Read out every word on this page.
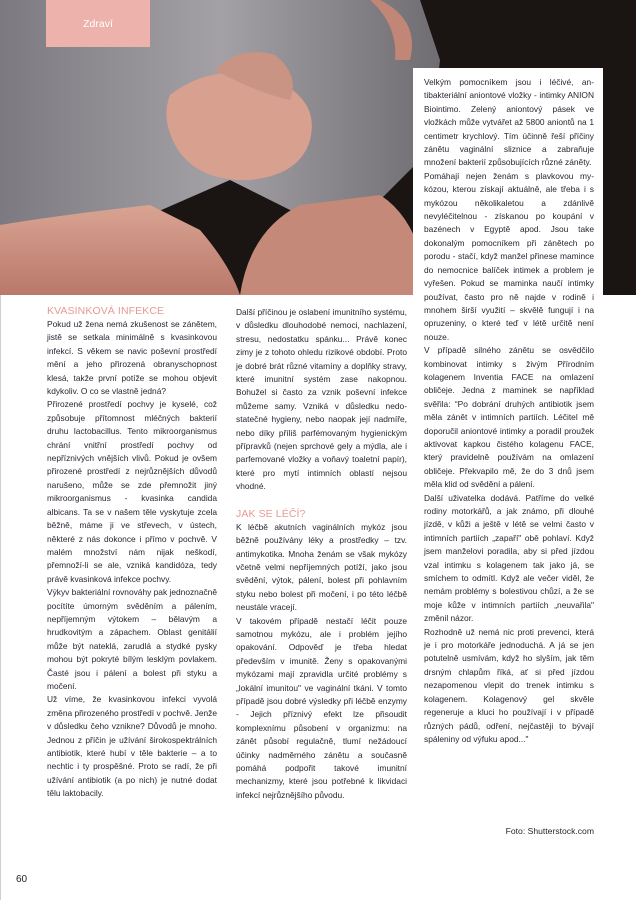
Zdraví
KVASINKOVÁ INFEKCE

Pokud už žena nemá zkušenost se zánětem, jistě se setkala minimálně s kvasinkovou infekcí. S věkem se navic poševní prostředí mění a jeho přirozená obranyschopnost klesá, takže první potíže se mohou objevit kdykoliv. O co se vlastně jedná?

Přirozené prostředí pochvy je kyselé, což způsobuje přítomnost mléčných bakterií druhu lactobacillus. Tento mikroorganismus chrání vnitřní prostředí pochvy od nepříznivých vnějších vlivů. Pokud je ovšem přirozené prostředí z nejrůznějších důvodů narušeno, může se zde přemnožit jiný mikroorganismus - kvasinka candida albicans. Ta se v našem těle vyskytuje zcela běžně, máme ji ve střevech, v ústech, některé z nás dokonce i přímo v pochvě. V malém množství nám nijak neškodí, přemnoží-li se ale, vzniká kandidóza, tedy právě kvasinková infekce pochvy.

Výkyv bakteriální rovnováhy pak jednoznačně pocítíte úmorným svěděním a pálením, nepříjemným výtokem – bělavým a hrudkovitým a zápachem. Oblast genitálií může být nateklá, zarudlá a stydké pysky mohou být pokryté bílým lesklým povlakem. Časté jsou i pálení a bolest při styku a močení.

Už víme, že kvasinkovou infekci vyvolá změna přirozeného prostředí v pochvě. Jenže v důsledku čeho vznikne? Důvodů je mnoho. Jednou z příčin je užívání širokospektrálních antibiotik, které hubí v těle bakterie – a to nechtic i ty prospěšné. Proto se radí, že při užívání antibiotik (a po nich) je nutné dodat tělu laktobacily.

Další příčinou je oslabení imunitního systému, v důsledku dlouhodobé nemoci, nachlazení, stresu, nedostatku spánku... Právě konec zimy je z tohoto ohledu rizikové období. Proto je dobré brát různé vitamíny a doplňky stravy, které imunitní systém zase nakopnou. Bohužel si často za vznik poševní infekce můžeme samy. Vzniká v důsledku nedostatečné hygieny, nebo naopak její nadmíře, nebo díky příliš parfémovaným hygienickým přípravků (nejen sprchové gely a mýdla, ale i parfemované vložky a voňavý toaletní papír), které pro mytí intimních oblastí nejsou vhodné.

JAK SE LÉČÍ?

K léčbě akutních vaginálních mykóz jsou běžně používány léky a prostředky – tzv. antimykotika. Mnoha ženám se však mykózy včetně velmi nepříjemných potíží, jako jsou svědění, výtok, pálení, bolest při pohlavním styku nebo bolest při močení, i po této léčbě neustále vracejí.

V takovém případě nestačí léčit pouze samotnou mykózu, ale i problém jejího opakování. Odpověď je třeba hledat především v imunitě. Ženy s opakovanými mykózami mají zpravidla určité problémy s „lokální imunitou" ve vaginální tkáni. V tomto případě jsou dobré výsledky při léčbě enzymy - Jejich příznivý efekt lze přisoudit komplexnímu působení v organizmu: na zánět působí regulačně, tlumí nežádoucí účinky nadměrného zánětu a současně pomáhá podpořit takové imunitní mechanizmy, které jsou potřebné k likvidaci infekcí nejrůznějšího původu.

Velkým pomocníkem jsou i léčivé, antibakteriální aniontové vložky - intimky ANION Biointimo. Zelený aniontový pásek ve vložkách může vytvářet až 5800 aniontů na 1 centimetr krychlový. Tím účinně řeší příčiny zánětu vaginální sliznice a zabraňuje množení bakterií způsobujících různé záněty.

Pomáhají nejen ženám s plavkovou mykózou, kterou získají aktuálně, ale třeba i s mykózou několikaletou a zdánlivě nevyléčitelnou - získanou po koupání v bazénech v Egyptě apod. Jsou take dokonalým pomocníkem při zánětech po porodu - stačí, když manžel přinese mamince do nemocnice balíček intimek a problem je vyřešen. Pokud se maminka naučí intimky používat, často pro ně najde v rodině i mnohem širší využití – skvělě fungují i na opruzeniny, o které teď v létě určitě není nouze.

V případě silného zánětu se osvědčilo kombinovat intimky s živým Přírodním kolagenem Inventia FACE na omlazení obličeje. Jedna z maminek se například svěřila: “Po dobrání druhých antibiotik jsem měla zánět v intimních partiích. Léčitel mě doporučil aniontové intimky a poradil proužek aktivovat kapkou čistého kolagenu FACE, který pravidelně používám na omlazení obličeje. Překvapilo mě, že do 3 dnů jsem měla klid od svědění a pálení.

Další uživatelka dodává. Patříme do velké rodiny motorkářů, a jak známo, při dlouhé jízdě, v kůži a ještě v létě se velmi často v intimních partiích „zapaří" obě pohlaví. Když jsem manželovi poradila, aby si před jízdou vzal intimku s kolagenem tak jako já, se smíchem to odmítl. Když ale večer viděl, že nemám problémy s bolestivou chůzí, a že se moje kůže v intimních partiích „neuvařila" změnil názor.

Rozhodně už nemá nic proti prevenci, která je i pro motorkáře jednoduchá. A já se jen potutelně usmívám, když ho slyším, jak těm drsným chlapům říká, ať si před jízdou nezapomenou vlepit do trenek intimku s kolagenem. Kolagenový gel skvěle regeneruje a kluci ho používají i v případě různých pádů, odření, nejčastěji to bývají spáleniny od výfuku apod..."

Foto: Shutterstock.com
60
